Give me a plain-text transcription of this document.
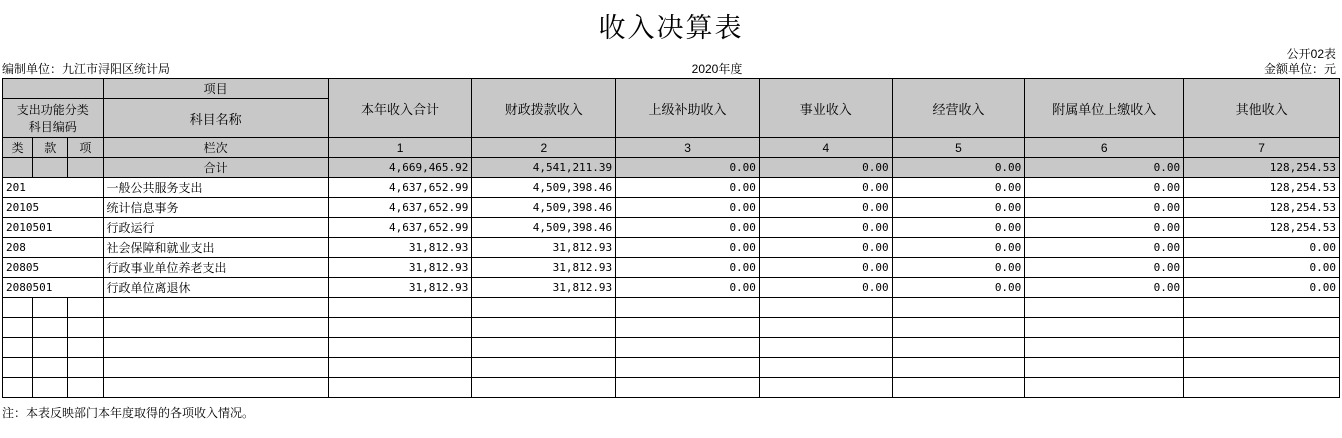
收入决算表
公开02表
编制单位：九江市浔阳区统计局	2020年度	金额单位：元
			项目	本年收入合计	财政拨款收入	上级补助收入	事业收入	经营收入	附属单位上缴收入	其他收入

支出功能分类
科目编码			科目名称							
类	款	项	栏次	1	2	3	4	5	6	7
			合计	4,669,465.92	4,541,211.39	0.00	0.00	0.00	0.00	128,254.53
201			一般公共服务支出	4,637,652.99	4,509,398.46	0.00	0.00	0.00	0.00	128,254.53
20105			统计信息事务	4,637,652.99	4,509,398.46	0.00	0.00	0.00	0.00	128,254.53
2010501			行政运行	4,637,652.99	4,509,398.46	0.00	0.00	0.00	0.00	128,254.53
208			社会保障和就业支出	31,812.93	31,812.93	0.00	0.00	0.00	0.00	0.00
20805			行政事业单位养老支出	31,812.93	31,812.93	0.00	0.00	0.00	0.00	0.00
2080501			行政单位离退休	31,812.93	31,812.93	0.00	0.00	0.00	0.00	0.00

注：本表反映部门本年度取得的各项收入情况。
